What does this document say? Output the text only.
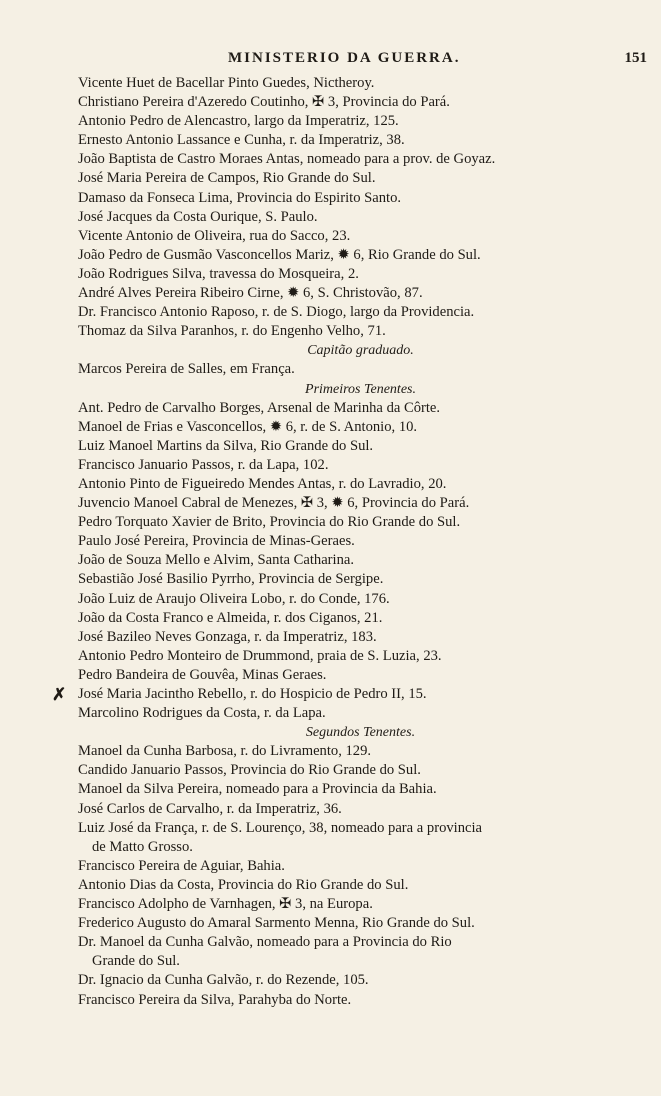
MINISTERIO DA GUERRA.	151
Vicente Huet de Bacellar Pinto Guedes, Nictheroy.
Christiano Pereira d'Azeredo Coutinho, ✠ 3, Provincia do Pará.
Antonio Pedro de Alencastro, largo da Imperatriz, 125.
Ernesto Antonio Lassance e Cunha, r. da Imperatriz, 38.
João Baptista de Castro Moraes Antas, nomeado para a prov. de Goyaz.
José Maria Pereira de Campos, Rio Grande do Sul.
Damaso da Fonseca Lima, Provincia do Espirito Santo.
José Jacques da Costa Ourique, S. Paulo.
Vicente Antonio de Oliveira, rua do Sacco, 23.
João Pedro de Gusmão Vasconcellos Mariz, ✹ 6, Rio Grande do Sul.
João Rodrigues Silva, travessa do Mosqueira, 2.
André Alves Pereira Ribeiro Cirne, ✹ 6, S. Christovão, 87.
Dr. Francisco Antonio Raposo, r. de S. Diogo, largo da Providencia.
Thomaz da Silva Paranhos, r. do Engenho Velho, 71.
Capitão graduado.
Marcos Pereira de Salles, em França.
Primeiros Tenentes.
Ant. Pedro de Carvalho Borges, Arsenal de Marinha da Côrte.
Manoel de Frias e Vasconcellos, ✹ 6, r. de S. Antonio, 10.
Luiz Manoel Martins da Silva, Rio Grande do Sul.
Francisco Januario Passos, r. da Lapa, 102.
Antonio Pinto de Figueiredo Mendes Antas, r. do Lavradio, 20.
Juvencio Manoel Cabral de Menezes, ✠ 3, ✹ 6, Provincia do Pará.
Pedro Torquato Xavier de Brito, Provincia do Rio Grande do Sul.
Paulo José Pereira, Provincia de Minas-Geraes.
João de Souza Mello e Alvim, Santa Catharina.
Sebastião José Basilio Pyrrho, Provincia de Sergipe.
João Luiz de Araujo Oliveira Lobo, r. do Conde, 176.
João da Costa Franco e Almeida, r. dos Ciganos, 21.
José Bazileo Neves Gonzaga, r. da Imperatriz, 183.
Antonio Pedro Monteiro de Drummond, praia de S. Luzia, 23.
Pedro Bandeira de Gouvêa, Minas Geraes.
✗ José Maria Jacintho Rebello, r. do Hospicio de Pedro II, 15.
Marcolino Rodrigues da Costa, r. da Lapa.
Segundos Tenentes.
Manoel da Cunha Barbosa, r. do Livramento, 129.
Candido Januario Passos, Provincia do Rio Grande do Sul.
Manoel da Silva Pereira, nomeado para a Provincia da Bahia.
José Carlos de Carvalho, r. da Imperatriz, 36.
Luiz José da França, r. de S. Lourenço, 38, nomeado para a provincia
de Matto Grosso.
Francisco Pereira de Aguiar, Bahia.
Antonio Dias da Costa, Provincia do Rio Grande do Sul.
Francisco Adolpho de Varnhagen, ✠ 3, na Europa.
Frederico Augusto do Amaral Sarmento Menna, Rio Grande do Sul.
Dr. Manoel da Cunha Galvão, nomeado para a Provincia do Rio
Grande do Sul.
Dr. Ignacio da Cunha Galvão, r. do Rezende, 105.
Francisco Pereira da Silva, Parahyba do Norte.
